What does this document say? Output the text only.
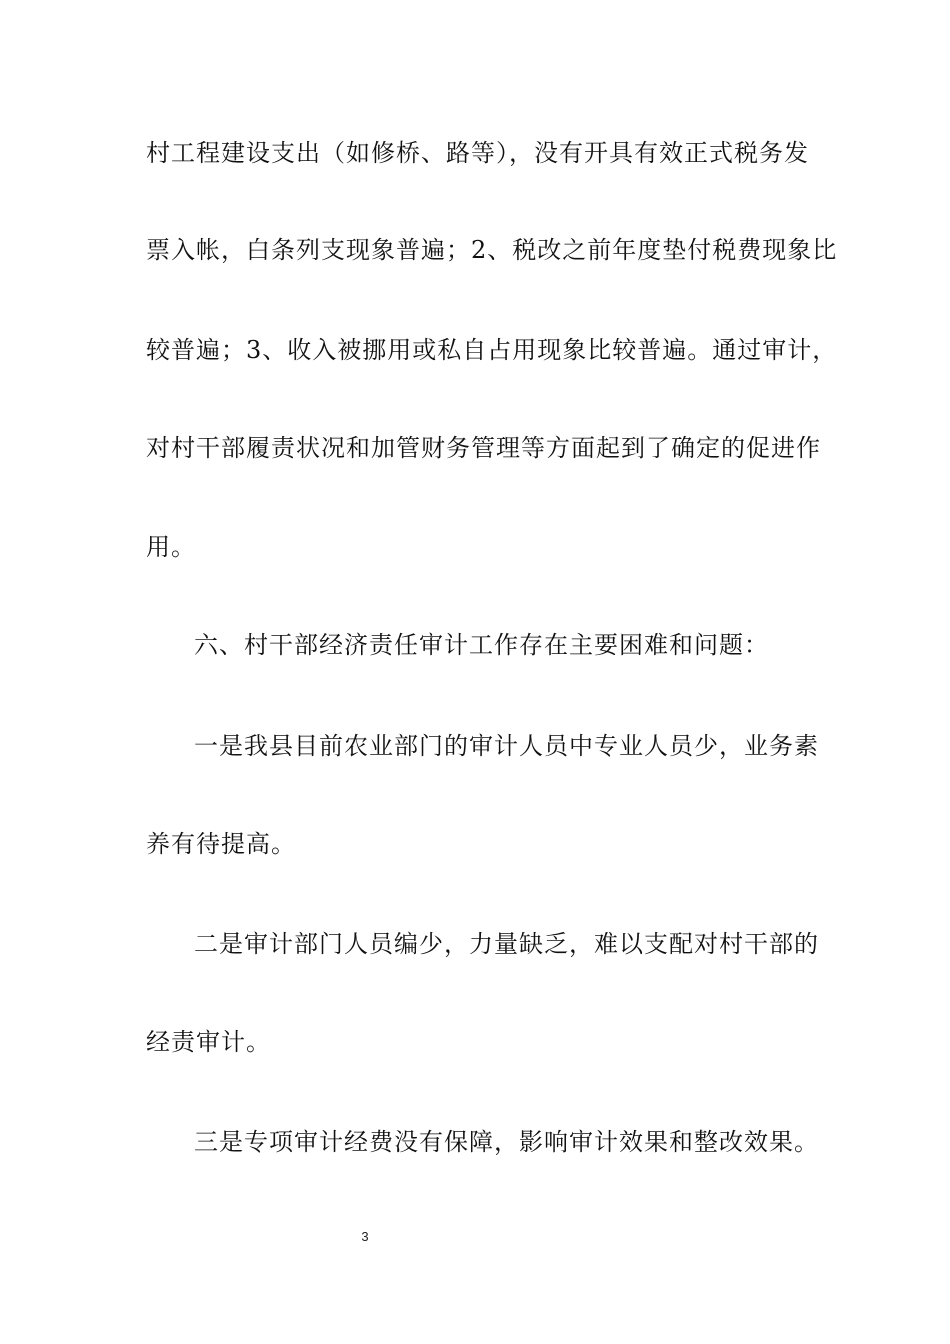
村工程建设支出（如修桥、路等），没有开具有效正式税务发
票入帐，白条列支现象普遍；2、税改之前年度垫付税费现象比
较普遍；3、收入被挪用或私自占用现象比较普遍。通过审计，
对村干部履责状况和加管财务管理等方面起到了确定的促进作
用。
六、村干部经济责任审计工作存在主要困难和问题：
一是我县目前农业部门的审计人员中专业人员少，业务素
养有待提高。
二是审计部门人员编少，力量缺乏，难以支配对村干部的
经责审计。
三是专项审计经费没有保障，影响审计效果和整改效果。
3
